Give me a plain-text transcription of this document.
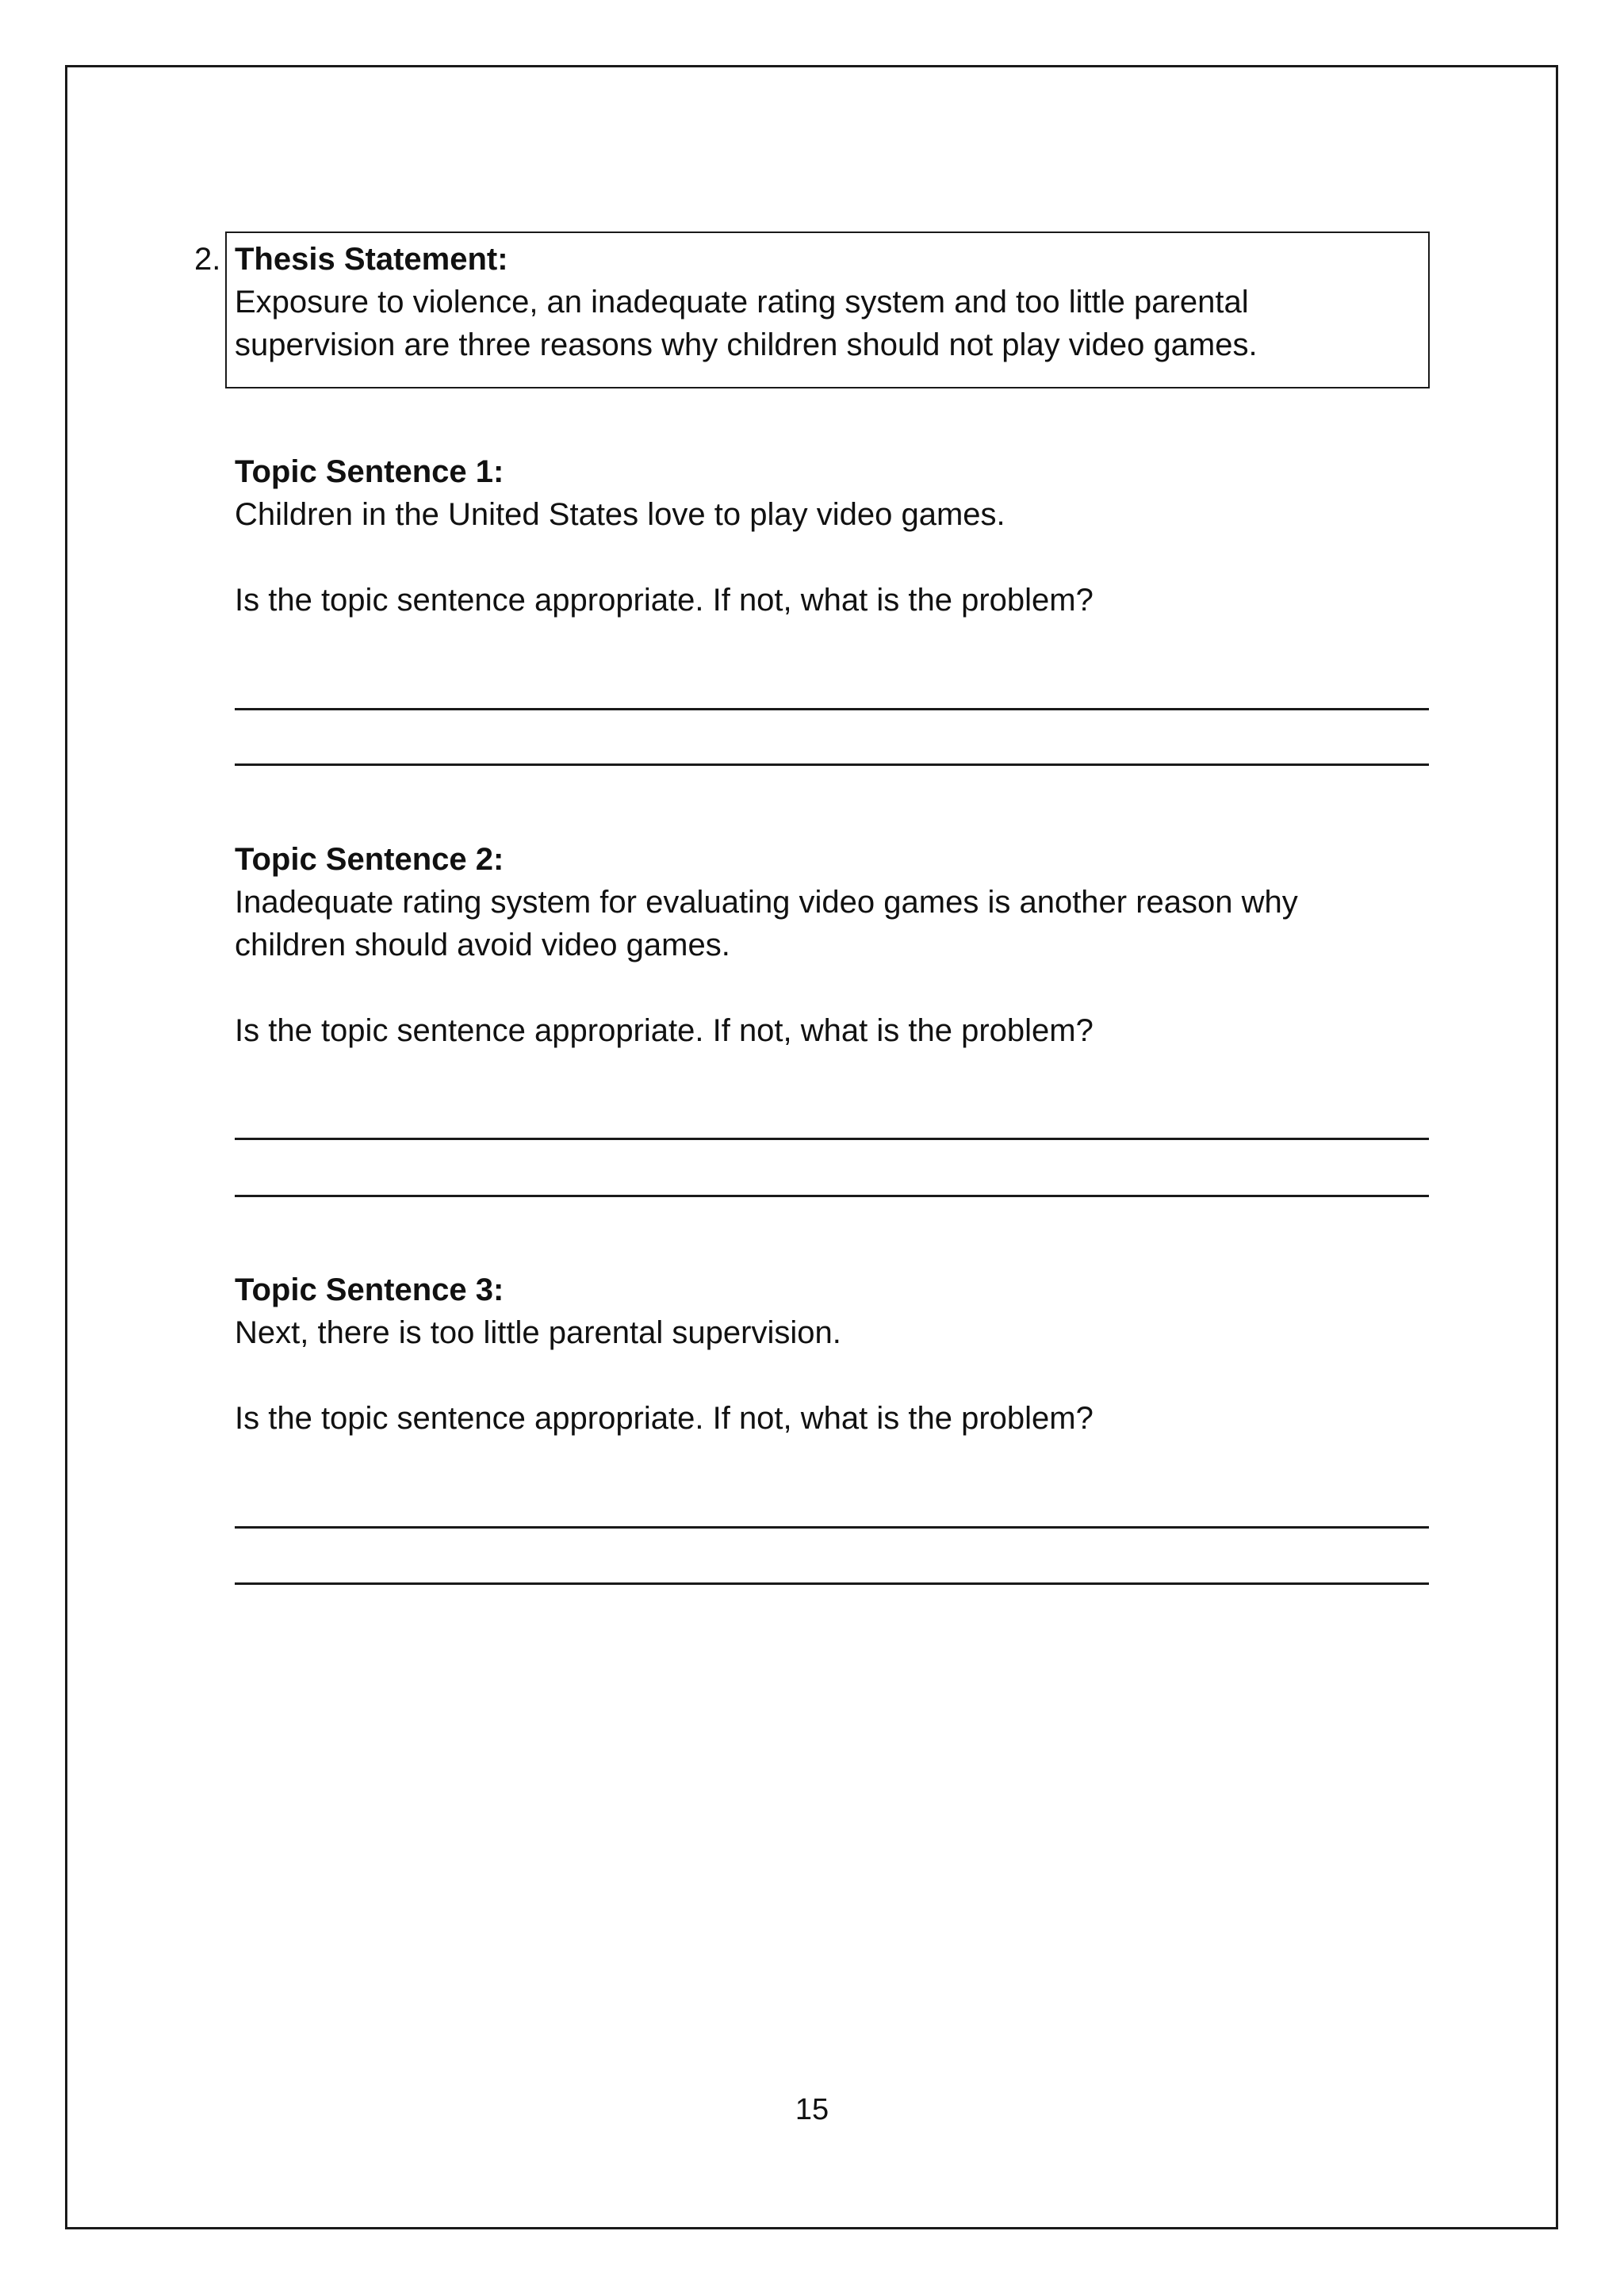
2. Thesis Statement:

Exposure to violence, an inadequate rating system and too little parental

supervision are three reasons why children should not play video games.

Topic Sentence 1:

Children in the United States love to play video games.

Is the topic sentence appropriate. If not, what is the problem?

Topic Sentence 2:

Inadequate rating system for evaluating video games is another reason why

children should avoid video games.

Is the topic sentence appropriate. If not, what is the problem?

Topic Sentence 3:

Next, there is too little parental supervision.

Is the topic sentence appropriate. If not, what is the problem?

15
